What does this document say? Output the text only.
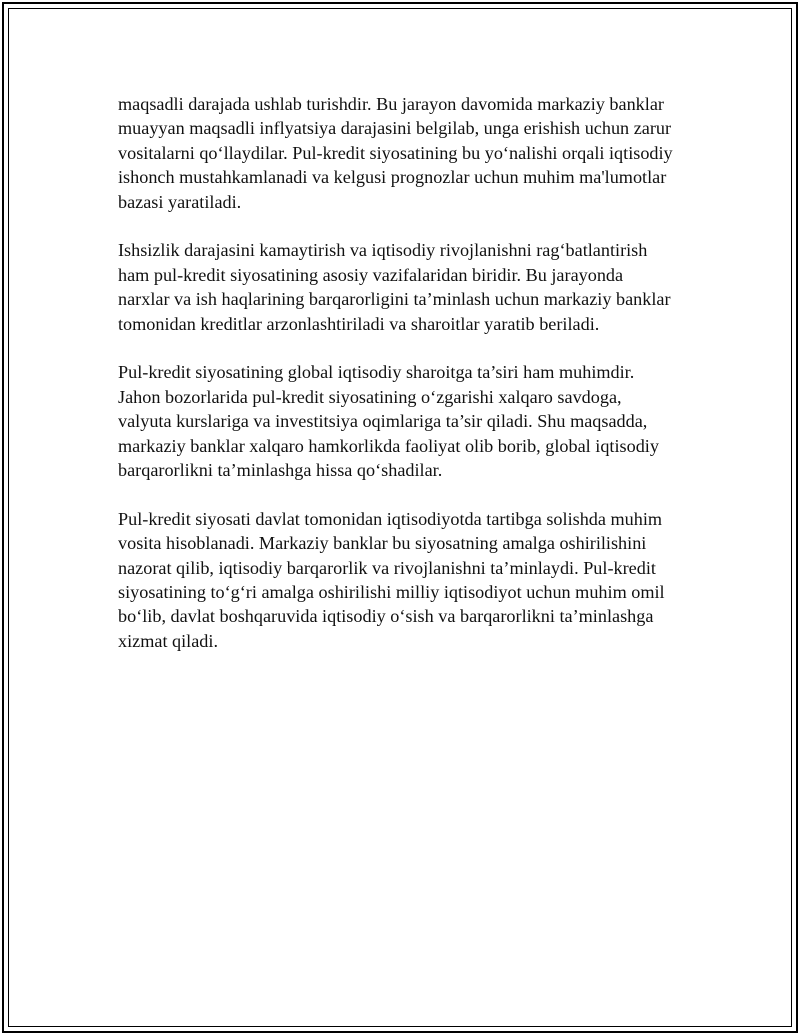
maqsadli darajada ushlab turishdir. Bu jarayon davomida markaziy banklar
muayyan maqsadli inflyatsiya darajasini belgilab, unga erishish uchun zarur
vositalarni qo‘llaydilar. Pul-kredit siyosatining bu yo‘nalishi orqali iqtisodiy
ishonch mustahkamlanadi va kelgusi prognozlar uchun muhim ma'lumotlar
bazasi yaratiladi.

Ishsizlik darajasini kamaytirish va iqtisodiy rivojlanishni rag‘batlantirish
ham pul-kredit siyosatining asosiy vazifalaridan biridir. Bu jarayonda
narxlar va ish haqlarining barqarorligini ta’minlash uchun markaziy banklar
tomonidan kreditlar arzonlashtiriladi va sharoitlar yaratib beriladi.

Pul-kredit siyosatining global iqtisodiy sharoitga ta’siri ham muhimdir.
Jahon bozorlarida pul-kredit siyosatining o‘zgarishi xalqaro savdoga,
valyuta kurslariga va investitsiya oqimlariga ta’sir qiladi. Shu maqsadda,
markaziy banklar xalqaro hamkorlikda faoliyat olib borib, global iqtisodiy
barqarorlikni ta’minlashga hissa qo‘shadilar.

Pul-kredit siyosati davlat tomonidan iqtisodiyotda tartibga solishda muhim
vosita hisoblanadi. Markaziy banklar bu siyosatning amalga oshirilishini
nazorat qilib, iqtisodiy barqarorlik va rivojlanishni ta’minlaydi. Pul-kredit
siyosatining to‘g‘ri amalga oshirilishi milliy iqtisodiyot uchun muhim omil
bo‘lib, davlat boshqaruvida iqtisodiy o‘sish va barqarorlikni ta’minlashga
xizmat qiladi.
